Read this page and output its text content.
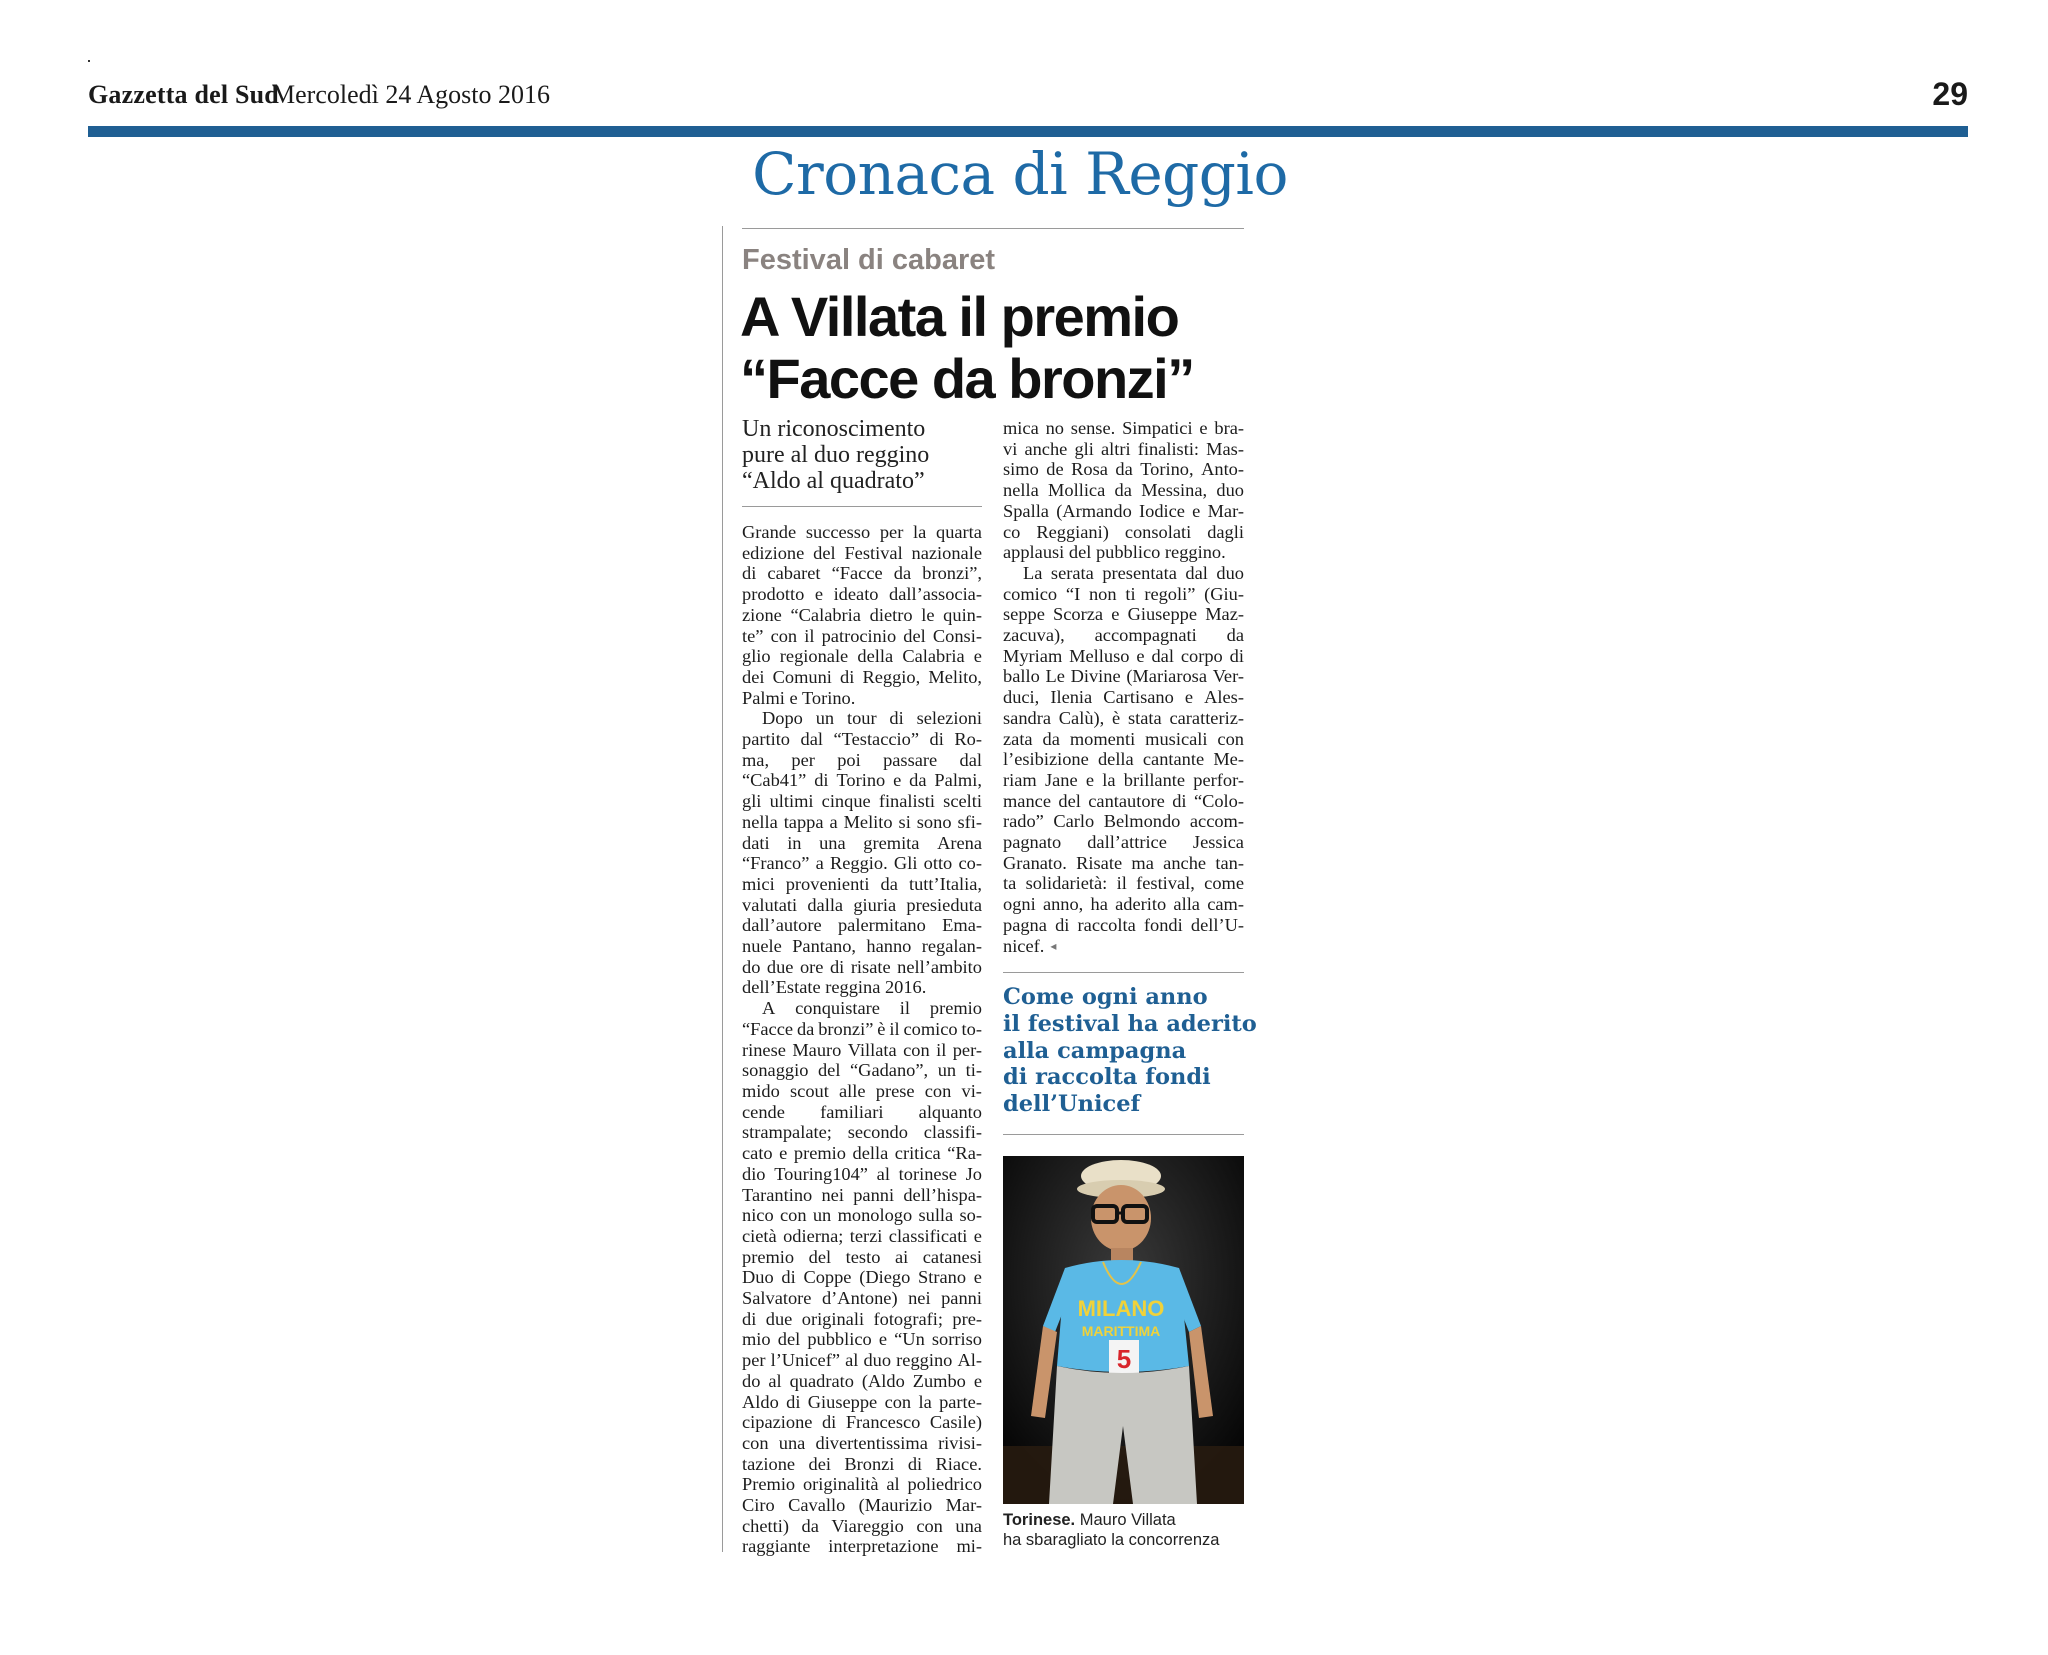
Gazzetta del Sud
Mercoledì 24 Agosto 2016	29
Cronaca di Reggio
Festival di cabaret
A Villata il premio
“Facce da bronzi”
Un riconoscimento
pure al duo reggino
“Aldo al quadrato”
Grande successo per la quarta
edizione del Festival nazionale
di cabaret “Facce da bronzi”,
prodotto e ideato dall’associa-
zione “Calabria dietro le quin-
te” con il patrocinio del Consi-
glio regionale della Calabria e
dei Comuni di Reggio, Melito,
Palmi e Torino.
Dopo un tour di selezioni
partito dal “Testaccio” di Ro-
ma, per poi passare dal
“Cab41” di Torino e da Palmi,
gli ultimi cinque finalisti scelti
nella tappa a Melito si sono sfi-
dati in una gremita Arena
“Franco” a Reggio. Gli otto co-
mici provenienti da tutt’Italia,
valutati dalla giuria presieduta
dall’autore palermitano Ema-
nuele Pantano, hanno regalan-
do due ore di risate nell’ambito
dell’Estate reggina 2016.
A conquistare il premio
“Facce da bronzi” è il comico to-
rinese Mauro Villata con il per-
sonaggio del “Gadano”, un ti-
mido scout alle prese con vi-
cende familiari alquanto
strampalate; secondo classifi-
cato e premio della critica “Ra-
dio Touring104” al torinese Jo
Tarantino nei panni dell’hispa-
nico con un monologo sulla so-
cietà odierna; terzi classificati e
premio del testo ai catanesi
Duo di Coppe (Diego Strano e
Salvatore d’Antone) nei panni
di due originali fotografi; pre-
mio del pubblico e “Un sorriso
per l’Unicef” al duo reggino Al-
do al quadrato (Aldo Zumbo e
Aldo di Giuseppe con la parte-
cipazione di Francesco Casile)
con una divertentissima rivisi-
tazione dei Bronzi di Riace.
Premio originalità al poliedrico
Ciro Cavallo (Maurizio Mar-
chetti) da Viareggio con una
raggiante interpretazione mi-
mica no sense. Simpatici e bra-
vi anche gli altri finalisti: Mas-
simo de Rosa da Torino, Anto-
nella Mollica da Messina, duo
Spalla (Armando Iodice e Mar-
co Reggiani) consolati dagli
applausi del pubblico reggino.
La serata presentata dal duo
comico “I non ti regoli” (Giu-
seppe Scorza e Giuseppe Maz-
zacuva), accompagnati da
Myriam Melluso e dal corpo di
ballo Le Divine (Mariarosa Ver-
duci, Ilenia Cartisano e Ales-
sandra Calù), è stata caratteriz-
zata da momenti musicali con
l’esibizione della cantante Me-
riam Jane e la brillante perfor-
mance del cantautore di “Colo-
rado” Carlo Belmondo accom-
pagnato dall’attrice Jessica
Granato. Risate ma anche tan-
ta solidarietà: il festival, come
ogni anno, ha aderito alla cam-
pagna di raccolta fondi dell’U-
nicef. ◂
Come ogni anno
il festival ha aderito
alla campagna
di raccolta fondi
dell’Unicef
MILANO
MARITTIMA
5
Torinese. Mauro Villata
ha sbaragliato la concorrenza
